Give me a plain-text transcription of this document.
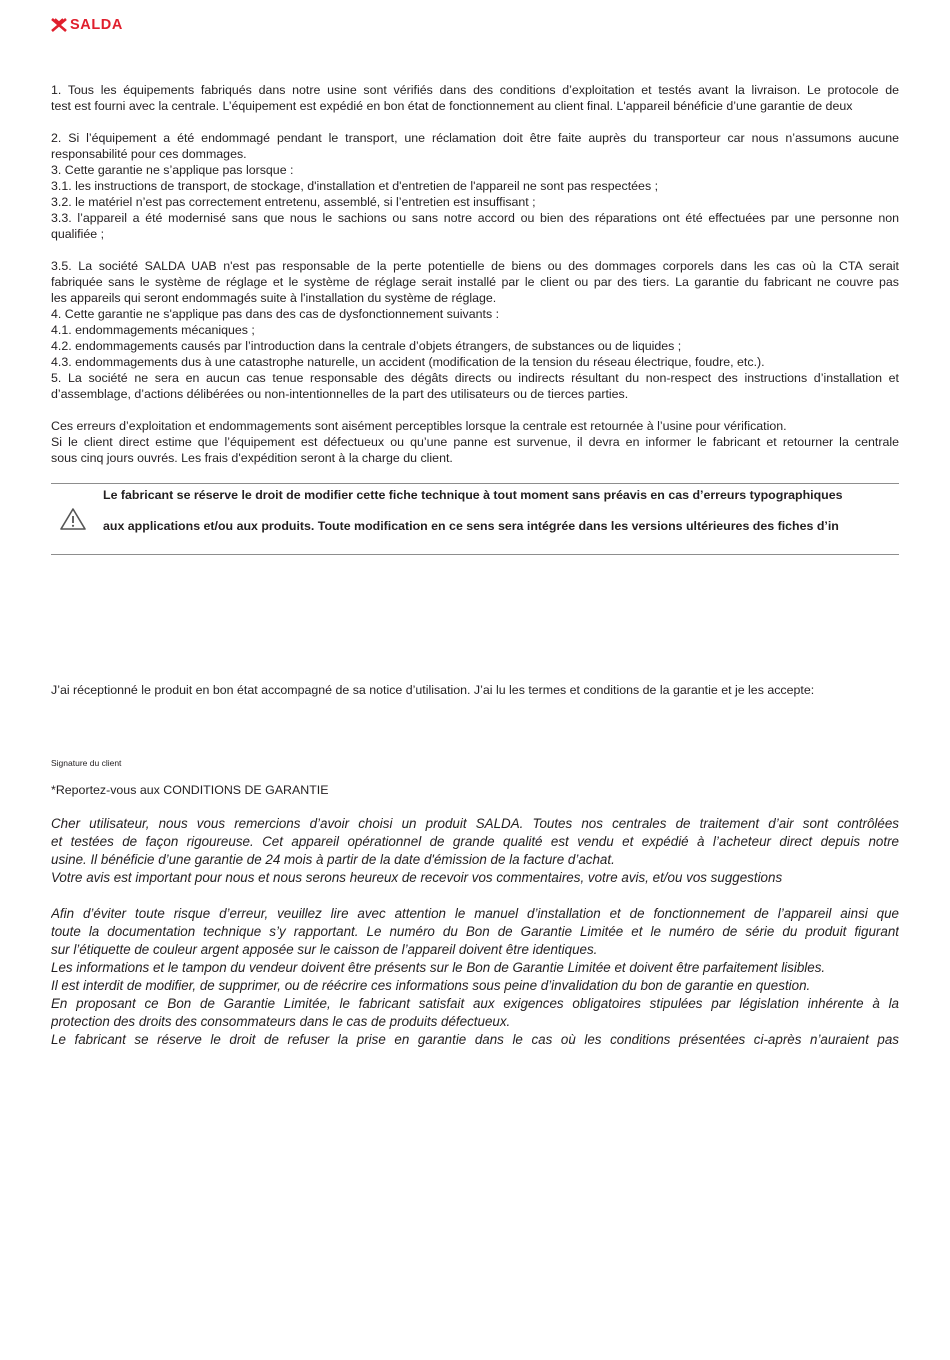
SALDA
1. Tous les équipements fabriqués dans notre usine sont vérifiés dans des conditions d’exploitation et testés avant la livraison. Le protocole de
test est fourni avec la centrale. L’équipement est expédié en bon état de fonctionnement au client final. L'appareil bénéficie d’une garantie de deux

2. Si l’équipement a été endommagé pendant le transport, une réclamation doit être faite auprès du transporteur car nous n’assumons aucune
responsabilité pour ces dommages.
3. Cette garantie ne s’applique pas lorsque :
3.1. les instructions de transport, de stockage, d'installation et d'entretien de l'appareil ne sont pas respectées ;
3.2. le matériel n’est pas correctement entretenu, assemblé, si l’entretien est insuffisant ;
3.3. l’appareil a été modernisé sans que nous le sachions ou sans notre accord ou bien des réparations ont été effectuées par une personne non
qualifiée ;

3.5. La société SALDA UAB n'est pas responsable de la perte potentielle de biens ou des dommages corporels dans les cas où la CTA serait
fabriquée sans le système de réglage et le système de réglage serait installé par le client ou par des tiers. La garantie du fabricant ne couvre pas
les appareils qui seront endommagés suite à l'installation du système de réglage.
4. Cette garantie ne s'applique pas dans des cas de dysfonctionnement suivants :
4.1. endommagements mécaniques ;
4.2. endommagements causés par l’introduction dans la centrale d’objets étrangers, de substances ou de liquides ;
4.3. endommagements dus à une catastrophe naturelle, un accident (modification de la tension du réseau électrique, foudre, etc.).
5. La société ne sera en aucun cas tenue responsable des dégâts directs ou indirects résultant du non-respect des instructions d’installation et
d’assemblage, d’actions délibérées ou non-intentionnelles de la part des utilisateurs ou de tierces parties.

Ces erreurs d’exploitation et endommagements sont aisément perceptibles lorsque la centrale est retournée à l’usine pour vérification.
Si le client direct estime que l’équipement est défectueux ou qu’une panne est survenue, il devra en informer le fabricant et retourner la centrale
sous cinq jours ouvrés. Les frais d'expédition seront à la charge du client.
Le fabricant se réserve le droit de modifier cette fiche technique à tout moment sans préavis en cas d’erreurs typographiques
aux applications et/ou aux produits. Toute modification en ce sens sera intégrée dans les versions ultérieures des fiches d’in
J’ai réceptionné le produit en bon état accompagné de sa notice d’utilisation. J’ai lu les termes et conditions de la garantie et je les accepte:
Signature du client
*Reportez-vous aux CONDITIONS DE GARANTIE
Cher utilisateur, nous vous remercions d’avoir choisi un produit SALDA. Toutes nos centrales de traitement d’air sont contrôlées
et testées de façon rigoureuse. Cet appareil opérationnel de grande qualité est vendu et expédié à l’acheteur direct depuis notre
usine. Il bénéficie d’une garantie de 24 mois à partir de la date d'émission de la facture d’achat.
Votre avis est important pour nous et nous serons heureux de recevoir vos commentaires, votre avis, et/ou vos suggestions

Afin d’éviter toute risque d’erreur, veuillez lire avec attention le manuel d’installation et de fonctionnement de l’appareil ainsi que
toute la documentation technique s’y rapportant. Le numéro du Bon de Garantie Limitée et le numéro de série du produit figurant
sur l’étiquette de couleur argent apposée sur le caisson de l’appareil doivent être identiques.
Les informations et le tampon du vendeur doivent être présents sur le Bon de Garantie Limitée et doivent être parfaitement lisibles.
Il est interdit de modifier, de supprimer, ou de réécrire ces informations sous peine d’invalidation du bon de garantie en question.
En proposant ce Bon de Garantie Limitée, le fabricant satisfait aux exigences obligatoires stipulées par législation inhérente à la
protection des droits des consommateurs dans le cas de produits défectueux.
Le fabricant se réserve le droit de refuser la prise en garantie dans le cas où les conditions présentées ci-après n’auraient pas
